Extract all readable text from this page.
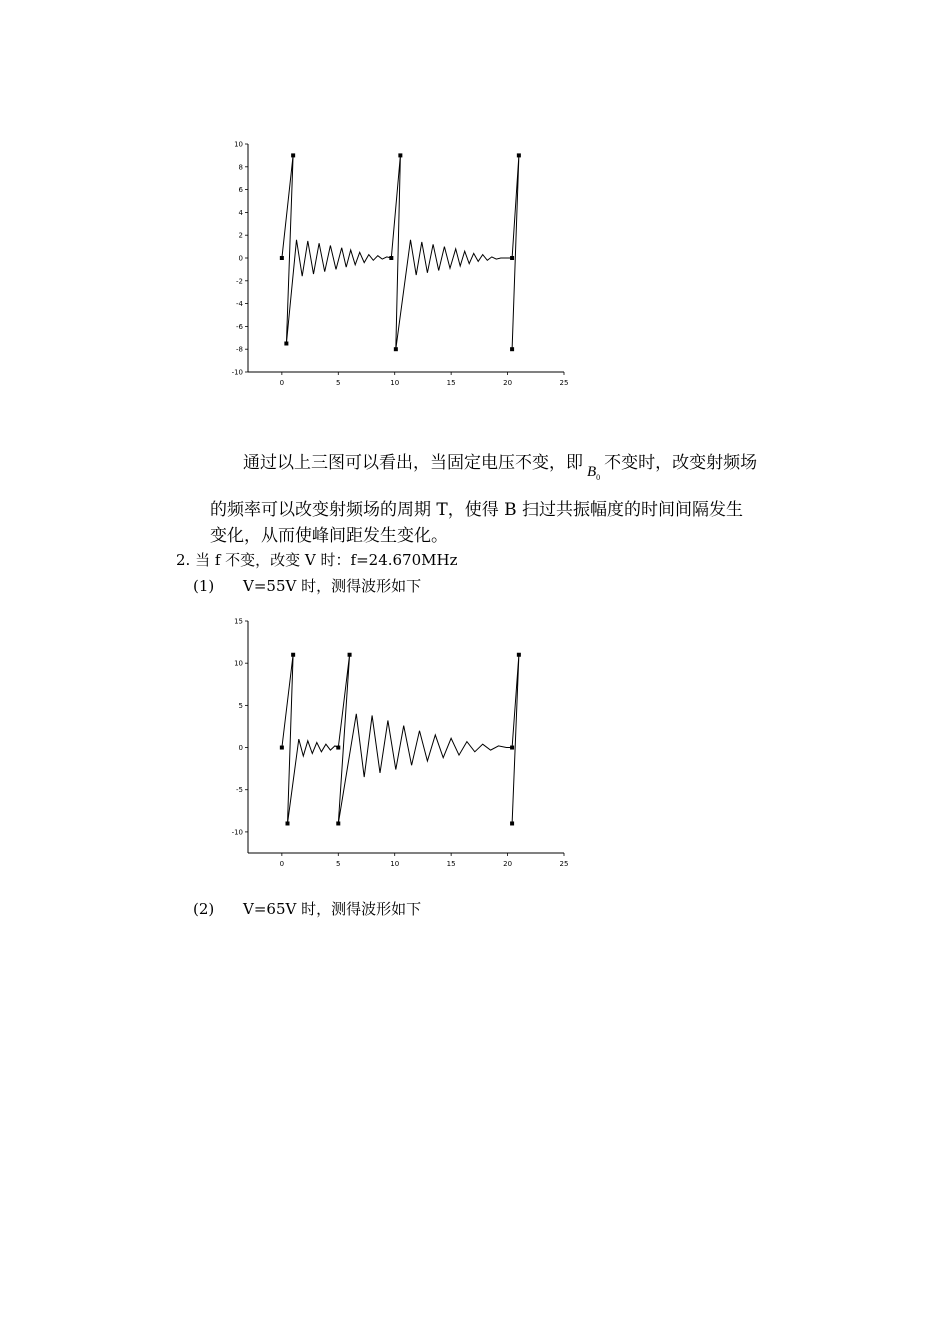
0	5	10	15	20	25
10
8
6
4
2
0
-2
-4
-6
-8
-10
通过以上三图可以看出，当固定电压不变，即 $B_0$不变时，改变射频场
的频率可以改变射频场的周期 T，使得 B 扫过共振幅度的时间间隔发生
变化，从而使峰间距发生变化。
2. 当 f 不变，改变 V 时：f=24.670MHz
(1) V=55V 时，测得波形如下
0	5	10	15	20	25
15
10
5
0
-5
-10
(2) V=65V 时，测得波形如下
